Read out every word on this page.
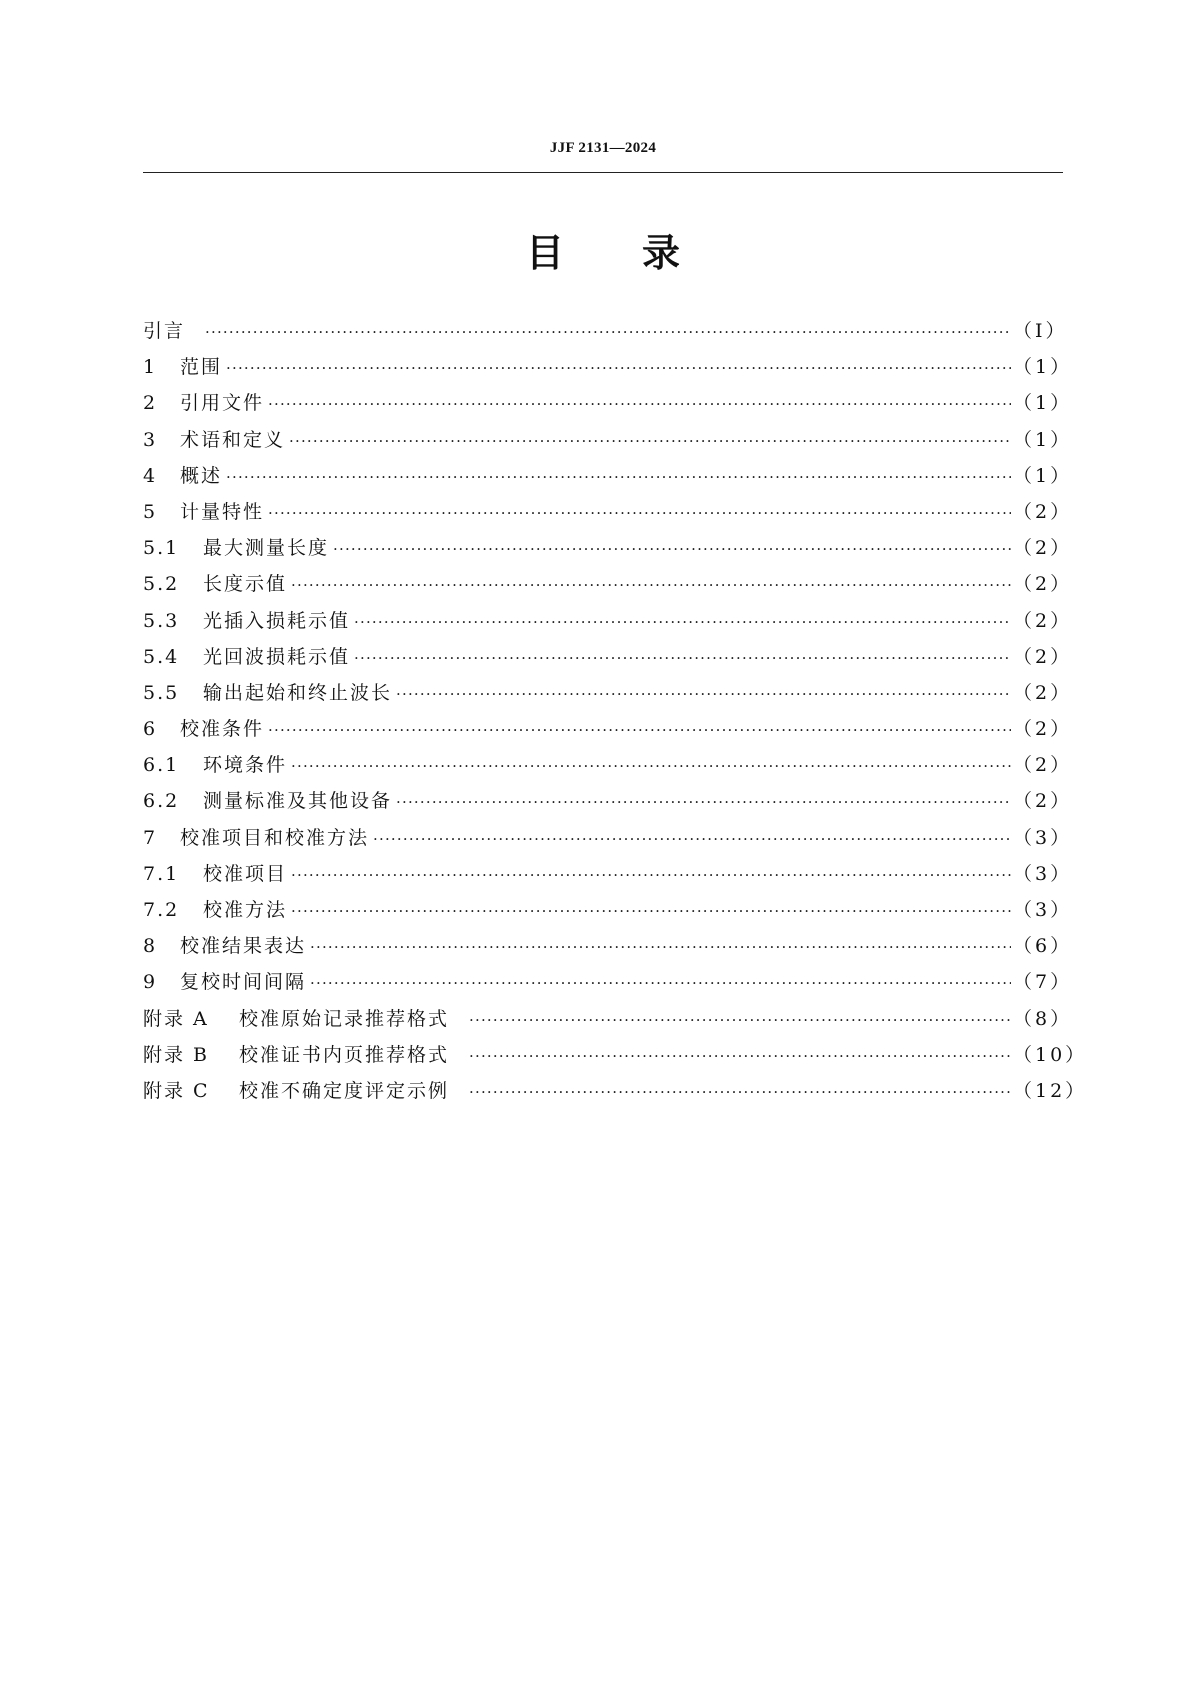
JJF 2131—2024
目 录
引言 ·····	（Ⅰ）
1	范围 ·····	（1）
2	引用文件 ·····	（1）
3	术语和定义 ·····	（1）
4	概述 ·····	（1）
5	计量特性 ·····	（2）
5.1	最大测量长度 ·····	（2）
5.2	长度示值 ·····	（2）
5.3	光插入损耗示值 ·····	（2）
5.4	光回波损耗示值 ·····	（2）
5.5	输出起始和终止波长 ·····	（2）
6	校准条件 ·····	（2）
6.1	环境条件 ·····	（2）
6.2	测量标准及其他设备 ·····	（2）
7	校准项目和校准方法 ·····	（3）
7.1	校准项目 ·····	（3）
7.2	校准方法 ·····	（3）
8	校准结果表达 ·····	（6）
9	复校时间间隔 ·····	（7）
附录 A	校准原始记录推荐格式 ·····	（8）
附录 B	校准证书内页推荐格式 ·····	（10）
附录 C	校准不确定度评定示例 ·····	（12）
